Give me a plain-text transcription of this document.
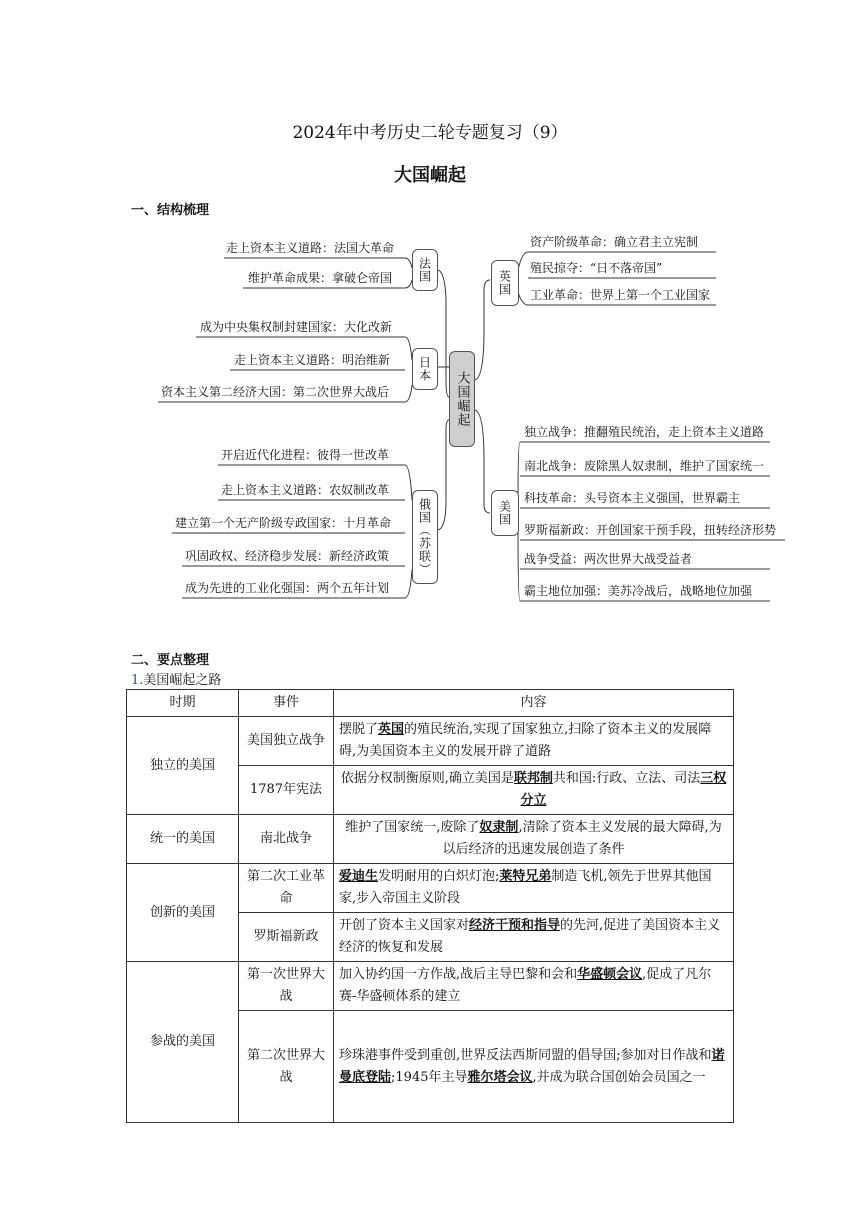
2024年中考历史二轮专题复习（9）
大国崛起
一、结构梳理
大国崛起
法国
日本
俄国（苏联）
英国
美国
走上资本主义道路：法国大革命
维护革命成果：拿破仑帝国
成为中央集权制封建国家：大化改新
走上资本主义道路：明治维新
资本主义第二经济大国：第二次世界大战后
开启近代化进程：彼得一世改革
走上资本主义道路：农奴制改革
建立第一个无产阶级专政国家：十月革命
巩固政权、经济稳步发展：新经济政策
成为先进的工业化强国：两个五年计划
资产阶级革命：确立君主立宪制
殖民掠夺：“日不落帝国”
工业革命：世界上第一个工业国家
独立战争：推翻殖民统治，走上资本主义道路
南北战争：废除黑人奴隶制，维护了国家统一
科技革命：头号资本主义强国，世界霸主
罗斯福新政：开创国家干预手段，扭转经济形势
战争受益：两次世界大战受益者
霸主地位加强：美苏冷战后，战略地位加强
二、要点整理
1.美国崛起之路
时期	事件	内容
独立的美国	美国独立战争	摆脱了英国的殖民统治,实现了国家独立,扫除了资本主义的发展障碍,为美国资本主义的发展开辟了道路
	1787年宪法	依据分权制衡原则,确立美国是联邦制共和国:行政、立法、司法三权分立
统一的美国	南北战争	维护了国家统一,废除了奴隶制,清除了资本主义发展的最大障碍,为以后经济的迅速发展创造了条件
创新的美国	第二次工业革命	爱迪生发明耐用的白炽灯泡;莱特兄弟制造飞机,领先于世界其他国家,步入帝国主义阶段
	罗斯福新政	开创了资本主义国家对经济干预和指导的先河,促进了美国资本主义经济的恢复和发展
参战的美国	第一次世界大战	加入协约国一方作战,战后主导巴黎和会和华盛顿会议,促成了凡尔赛-华盛顿体系的建立
	第二次世界大战	珍珠港事件受到重创,世界反法西斯同盟的倡导国;参加对日作战和诺曼底登陆;1945年主导雅尔塔会议,并成为联合国创始会员国之一
